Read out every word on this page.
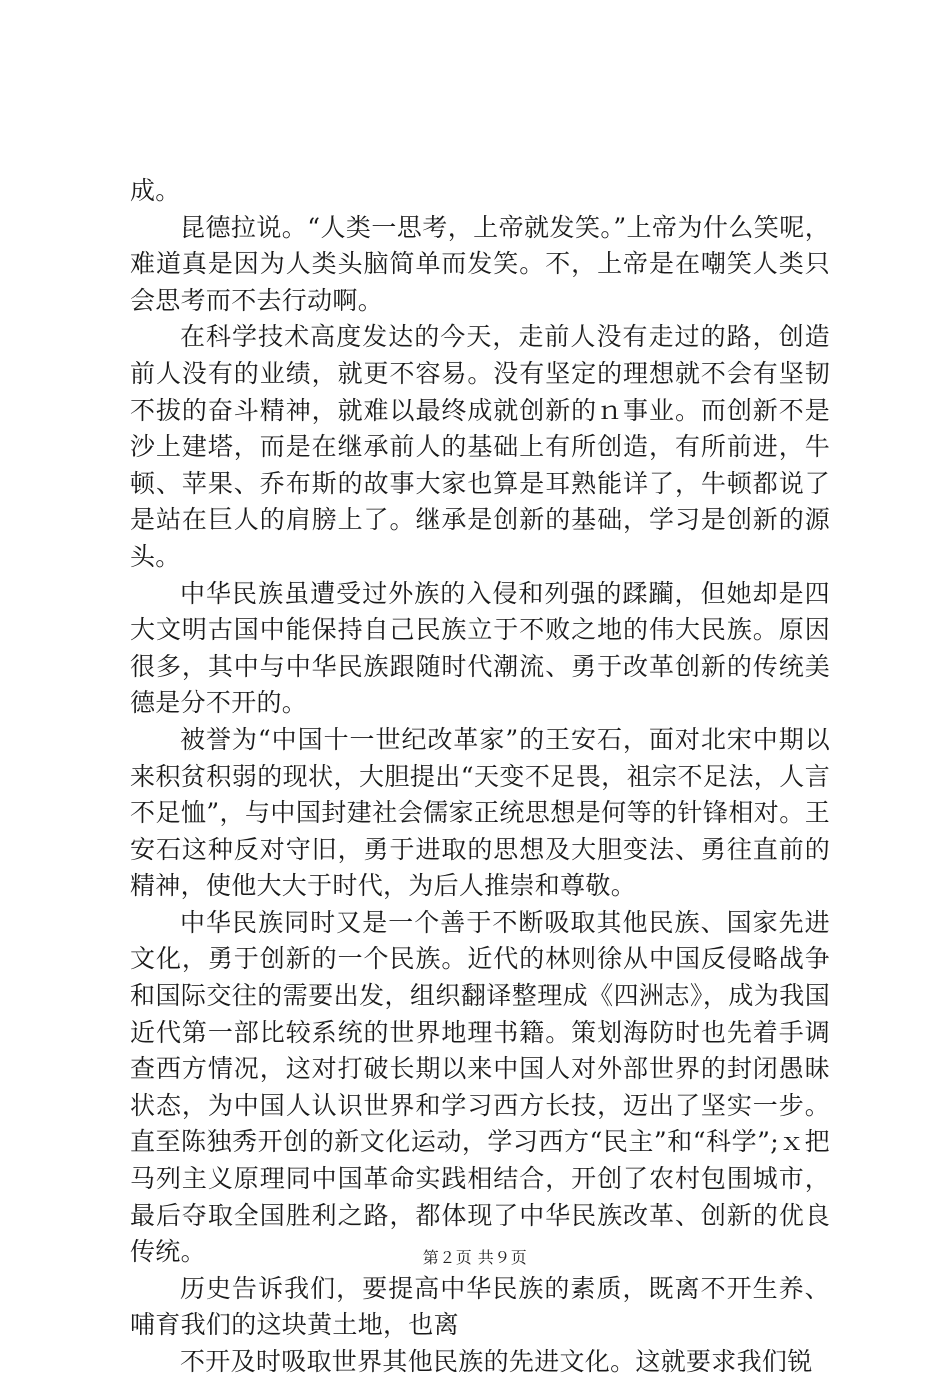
成。

昆德拉说。“人类一思考，上帝就发笑。”上帝为什么笑呢，难道真是因为人类头脑简单而发笑。不，上帝是在嘲笑人类只会思考而不去行动啊。

在科学技术高度发达的今天，走前人没有走过的路，创造前人没有的业绩，就更不容易。没有坚定的理想就不会有坚韧不拔的奋斗精神，就难以最终成就创新的ｎ事业。而创新不是沙上建塔，而是在继承前人的基础上有所创造，有所前进，牛顿、苹果、乔布斯的故事大家也算是耳熟能详了，牛顿都说了是站在巨人的肩膀上了。继承是创新的基础，学习是创新的源头。

中华民族虽遭受过外族的入侵和列强的蹂躏，但她却是四大文明古国中能保持自己民族立于不败之地的伟大民族。原因很多，其中与中华民族跟随时代潮流、勇于改革创新的传统美德是分不开的。

被誉为“中国十一世纪改革家”的王安石，面对北宋中期以来积贫积弱的现状，大胆提出“天变不足畏，祖宗不足法，人言不足恤”，与中国封建社会儒家正统思想是何等的针锋相对。王安石这种反对守旧，勇于进取的思想及大胆变法、勇往直前的精神，使他大大于时代，为后人推崇和尊敬。

中华民族同时又是一个善于不断吸取其他民族、国家先进文化，勇于创新的一个民族。近代的林则徐从中国反侵略战争和国际交往的需要出发，组织翻译整理成《四洲志》，成为我国近代第一部比较系统的世界地理书籍。策划海防时也先着手调查西方情况，这对打破长期以来中国人对外部世界的封闭愚昧状态，为中国人认识世界和学习西方长技，迈出了坚实一步。直至陈独秀开创的新文化运动，学习西方“民主”和“科学”;ｘ把马列主义原理同中国革命实践相结合，开创了农村包围城市，最后夺取全国胜利之路，都体现了中华民族改革、创新的优良传统。

历史告诉我们，要提高中华民族的素质，既离不开生养、哺育我们的这块黄土地，也离

不开及时吸取世界其他民族的先进文化。这就要求我们锐

第２页 共９页
